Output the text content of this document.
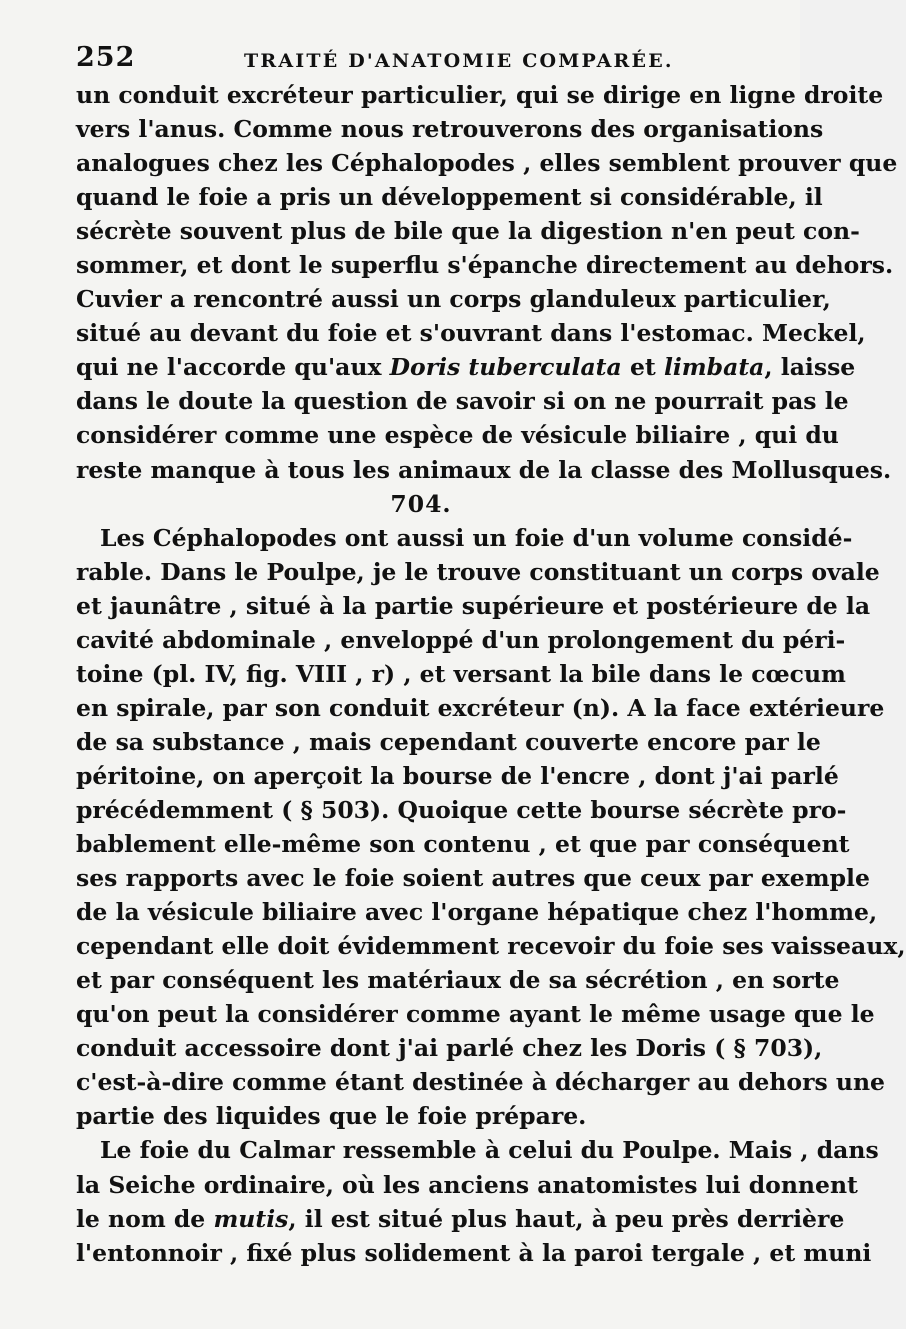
252	TRAITÉ D'ANATOMIE COMPARÉE.
un conduit excréteur particulier, qui se dirige en ligne droite
vers l'anus. Comme nous retrouverons des organisations
analogues chez les Céphalopodes , elles semblent prouver que
quand le foie a pris un développement si considérable, il
sécrète souvent plus de bile que la digestion n'en peut con-
sommer, et dont le superflu s'épanche directement au dehors.
Cuvier a rencontré aussi un corps glanduleux particulier,
situé au devant du foie et s'ouvrant dans l'estomac. Meckel,
qui ne l'accorde qu'aux Doris tuberculata et limbata, laisse
dans le doute la question de savoir si on ne pourrait pas le
considérer comme une espèce de vésicule biliaire , qui du
reste manque à tous les animaux de la classe des Mollusques.
704.
Les Céphalopodes ont aussi un foie d'un volume considé-
rable. Dans le Poulpe, je le trouve constituant un corps ovale
et jaunâtre , situé à la partie supérieure et postérieure de la
cavité abdominale , enveloppé d'un prolongement du péri-
toine (pl. IV, fig. VIII , r) , et versant la bile dans le cœcum
en spirale, par son conduit excréteur (n). A la face extérieure
de sa substance , mais cependant couverte encore par le
péritoine, on aperçoit la bourse de l'encre , dont j'ai parlé
précédemment ( § 503). Quoique cette bourse sécrète pro-
bablement elle-même son contenu , et que par conséquent
ses rapports avec le foie soient autres que ceux par exemple
de la vésicule biliaire avec l'organe hépatique chez l'homme,
cependant elle doit évidemment recevoir du foie ses vaisseaux,
et par conséquent les matériaux de sa sécrétion , en sorte
qu'on peut la considérer comme ayant le même usage que le
conduit accessoire dont j'ai parlé chez les Doris ( § 703),
c'est-à-dire comme étant destinée à décharger au dehors une
partie des liquides que le foie prépare.
Le foie du Calmar ressemble à celui du Poulpe. Mais , dans
la Seiche ordinaire, où les anciens anatomistes lui donnent
le nom de mutis, il est situé plus haut, à peu près derrière
l'entonnoir , fixé plus solidement à la paroi tergale , et muni
